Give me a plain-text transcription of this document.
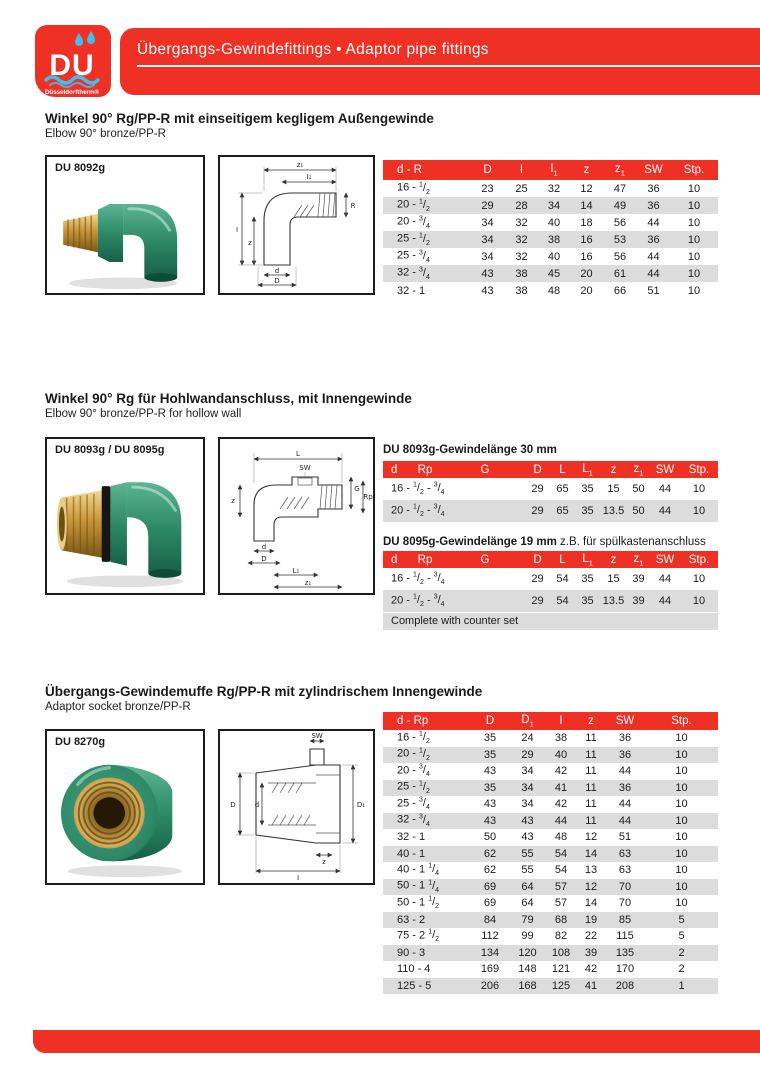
DU
Düsseldorftherm®
Übergangs-Gewindefittings • Adaptor pipe fittings
Winkel 90° Rg/PP-R mit einseitigem kegligem Außengewinde
Elbow 90° bronze/PP-R
DU 8092g	z₁
I₁
I
z
d
D
R
d - R	D	I	$I_1$	z	$z_1$	SW	Stp.
$16 - ^1/_2$	23	25	32	12	47	36	10
$20 - ^1/_2$	29	28	34	14	49	36	10
$20 - ^3/_4$	34	32	40	18	56	44	10
$25 - ^1/_2$	34	32	38	16	53	36	10
$25 - ^3/_4$	34	32	40	16	56	44	10
$32 - ^3/_4$	43	38	45	20	61	44	10
32 - 1	43	38	48	20	66	51	10
Winkel 90° Rg für Hohlwandanschluss, mit Innengewinde
Elbow 90° bronze/PP-R for hollow wall
DU 8093g / DU 8095g	L
SW
z
G
Rp
d
D
L₁
z₁
DU 8093g-Gewindelänge 30 mm
d	Rp	G	D	L	$L_1$	z	$z_1$	SW	Stp.
$16 - ^1/_2 - ^3/_4$			29	65	35	15	50	44	10
$20 - ^1/_2 - ^3/_4$			29	65	35	13.5	50	44	10
DU 8095g-Gewindelänge 19 mm z.B. für spülkastenanschluss
d	Rp	G	D	L	$L_1$	z	$z_1$	SW	Stp.
$16 - ^1/_2 - ^3/_4$			29	54	35	15	39	44	10
$20 - ^1/_2 - ^3/_4$			29	54	35	13.5	39	44	10
Complete with counter set
Übergangs-Gewindemuffe Rg/PP-R mit zylindrischem Innengewinde
Adaptor socket bronze/PP-R
d - Rp	D	$D_1$	I	z	SW	Stp.
$16 - ^1/_2$	35	24	38	11	36	10
$20 - ^1/_2$	35	29	40	11	36	10
$20 - ^3/_4$	43	34	42	11	44	10
$25 - ^1/_2$	35	34	41	11	36	10
$25 - ^3/_4$	43	34	42	11	44	10
$32 - ^3/_4$	43	43	44	11	44	10
32 - 1	50	43	48	12	51	10
40 - 1	62	55	54	14	63	10
40 - 1 $^1/_4$	62	55	54	13	63	10
50 - 1 $^1/_4$	69	64	57	12	70	10
50 - 1 $^1/_2$	69	64	57	14	70	10
63 - 2	84	79	68	19	85	5
75 - 2 $^1/_2$	112	99	82	22	115	5
90 - 3	134	120	108	39	135	2
110 - 4	169	148	121	42	170	2
125 - 5	206	168	125	41	208	1
DU 8270g	SW
D	d	D₁
z
I
